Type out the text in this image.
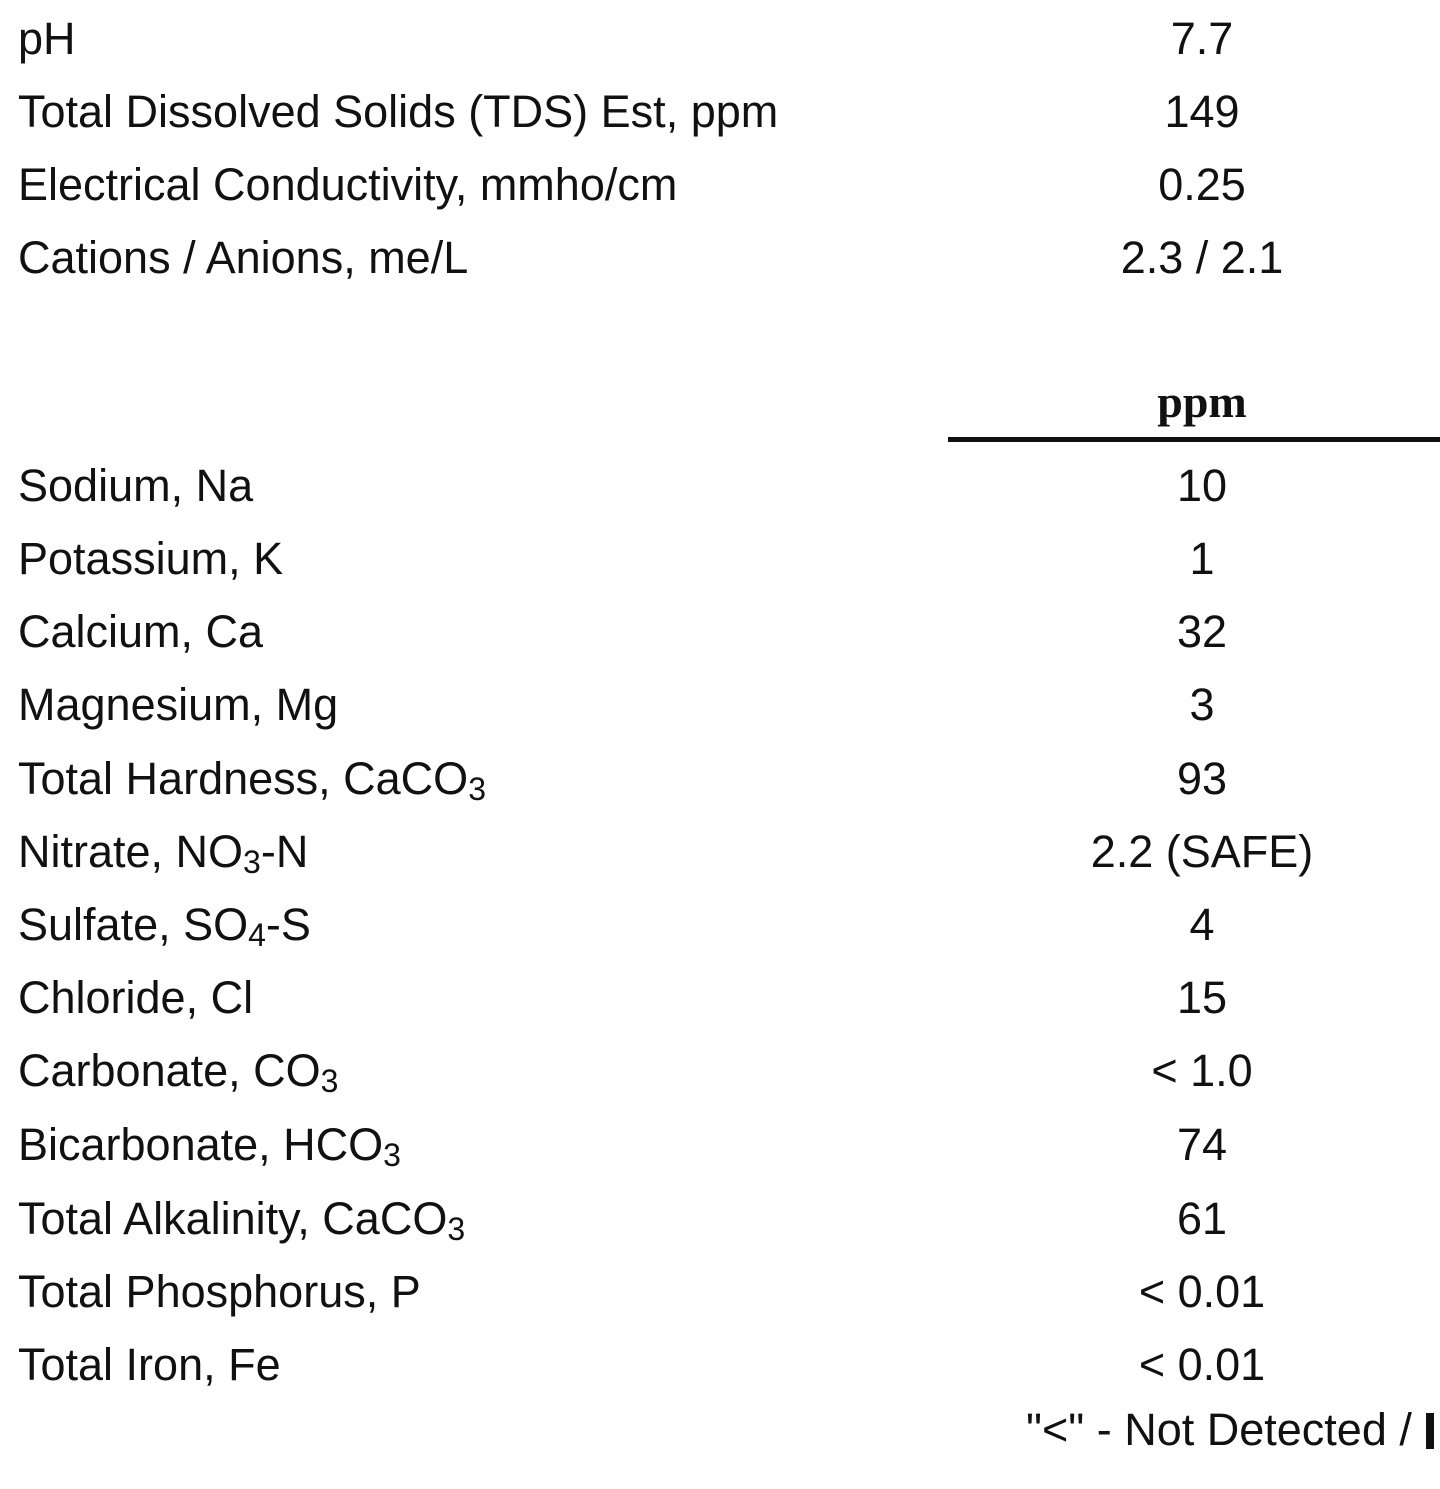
pH	7.7
Total Dissolved Solids (TDS) Est, ppm	149
Electrical Conductivity, mmho/cm	0.25
Cations / Anions, me/L	2.3 / 2.1
ppm
Sodium, Na	10
Potassium, K	1
Calcium, Ca	32
Magnesium, Mg	3
Total Hardness, CaCO3	93
Nitrate, NO3-N	2.2 (SAFE)
Sulfate, SO4-S	4
Chloride, Cl	15
Carbonate, CO3	< 1.0
Bicarbonate, HCO3	74
Total Alkalinity, CaCO3	61
Total Phosphorus, P	< 0.01
Total Iron, Fe	< 0.01
"<" - Not Detected /
